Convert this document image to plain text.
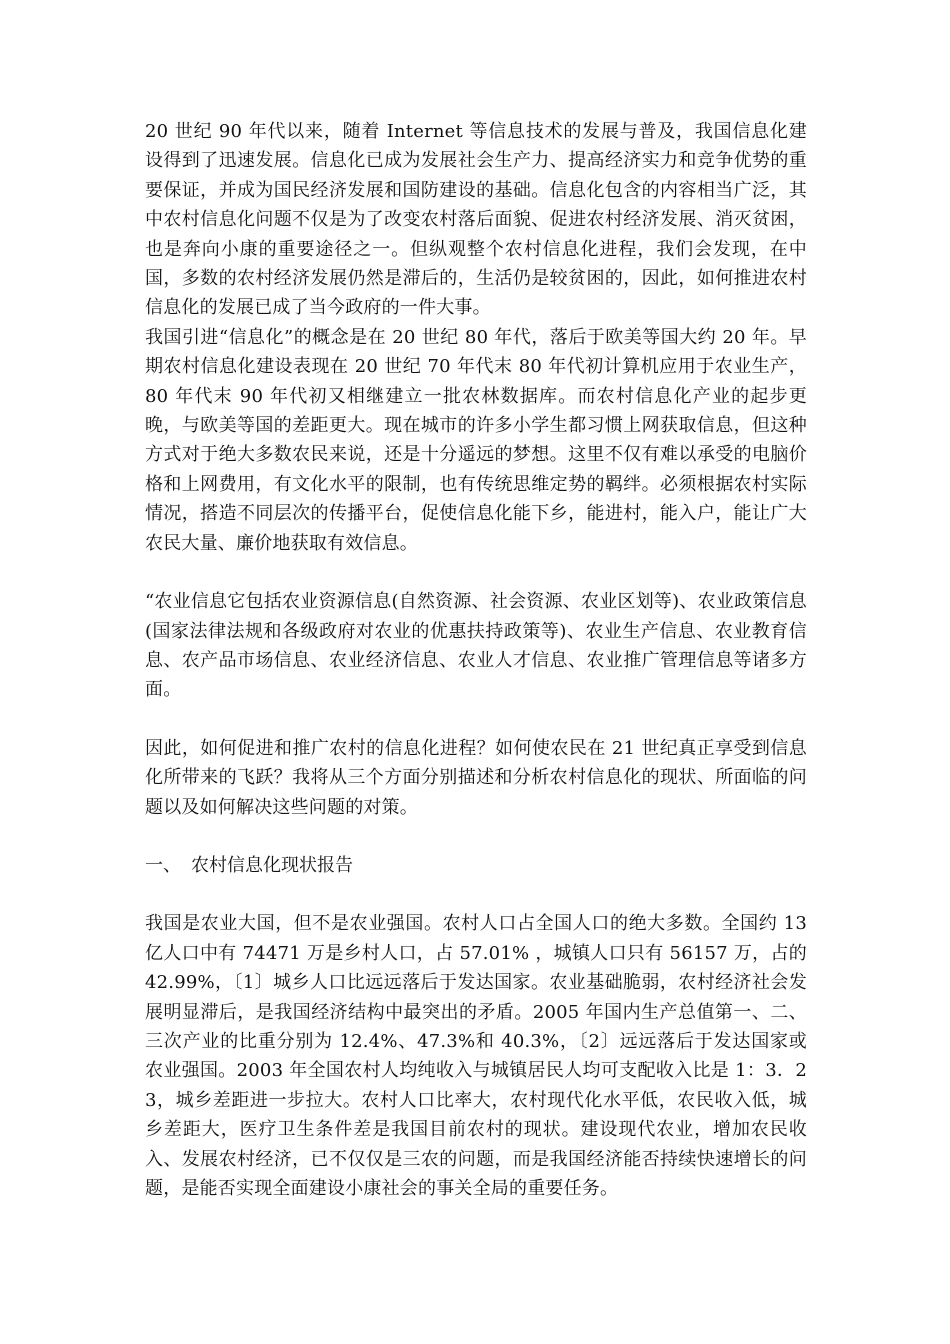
20 世纪 90 年代以来，随着 Internet 等信息技术的发展与普及，我国信息化建设得到了迅速发展。信息化已成为发展社会生产力、提高经济实力和竞争优势的重要保证，并成为国民经济发展和国防建设的基础。信息化包含的内容相当广泛，其中农村信息化问题不仅是为了改变农村落后面貌、促进农村经济发展、消灭贫困，也是奔向小康的重要途径之一。但纵观整个农村信息化进程，我们会发现，在中国，多数的农村经济发展仍然是滞后的，生活仍是较贫困的，因此，如何推进农村信息化的发展已成了当今政府的一件大事。

我国引进“信息化”的概念是在 20 世纪 80 年代，落后于欧美等国大约 20 年。早期农村信息化建设表现在 20 世纪 70 年代末 80 年代初计算机应用于农业生产，80 年代末 90 年代初又相继建立一批农林数据库。而农村信息化产业的起步更晚，与欧美等国的差距更大。现在城市的许多小学生都习惯上网获取信息，但这种方式对于绝大多数农民来说，还是十分遥远的梦想。这里不仅有难以承受的电脑价格和上网费用，有文化水平的限制，也有传统思维定势的羁绊。必须根据农村实际情况，搭造不同层次的传播平台，促使信息化能下乡，能进村，能入户，能让广大农民大量、廉价地获取有效信息。

“农业信息它包括农业资源信息(自然资源、社会资源、农业区划等)、农业政策信息(国家法律法规和各级政府对农业的优惠扶持政策等)、农业生产信息、农业教育信息、农产品市场信息、农业经济信息、农业人才信息、农业推广管理信息等诸多方面。

因此，如何促进和推广农村的信息化进程？如何使农民在 21 世纪真正享受到信息化所带来的飞跃？我将从三个方面分别描述和分析农村信息化的现状、所面临的问题以及如何解决这些问题的对策。

一、 农村信息化现状报告

我国是农业大国，但不是农业强国。农村人口占全国人口的绝大多数。全国约 13 亿人口中有 74471 万是乡村人口，占 57.01% ，城镇人口只有 56157 万，占的 42.99%，〔1〕城乡人口比远远落后于发达国家。农业基础脆弱，农村经济社会发展明显滞后，是我国经济结构中最突出的矛盾。2005 年国内生产总值第一、二、三次产业的比重分别为 12.4%、47.3%和 40.3%，〔2〕远远落后于发达国家或农业强国。2003 年全国农村人均纯收入与城镇居民人均可支配收入比是 1：3．23，城乡差距进一步拉大。农村人口比率大，农村现代化水平低，农民收入低，城乡差距大，医疗卫生条件差是我国目前农村的现状。建设现代农业，增加农民收入、发展农村经济，已不仅仅是三农的问题，而是我国经济能否持续快速增长的问题，是能否实现全面建设小康社会的事关全局的重要任务。
